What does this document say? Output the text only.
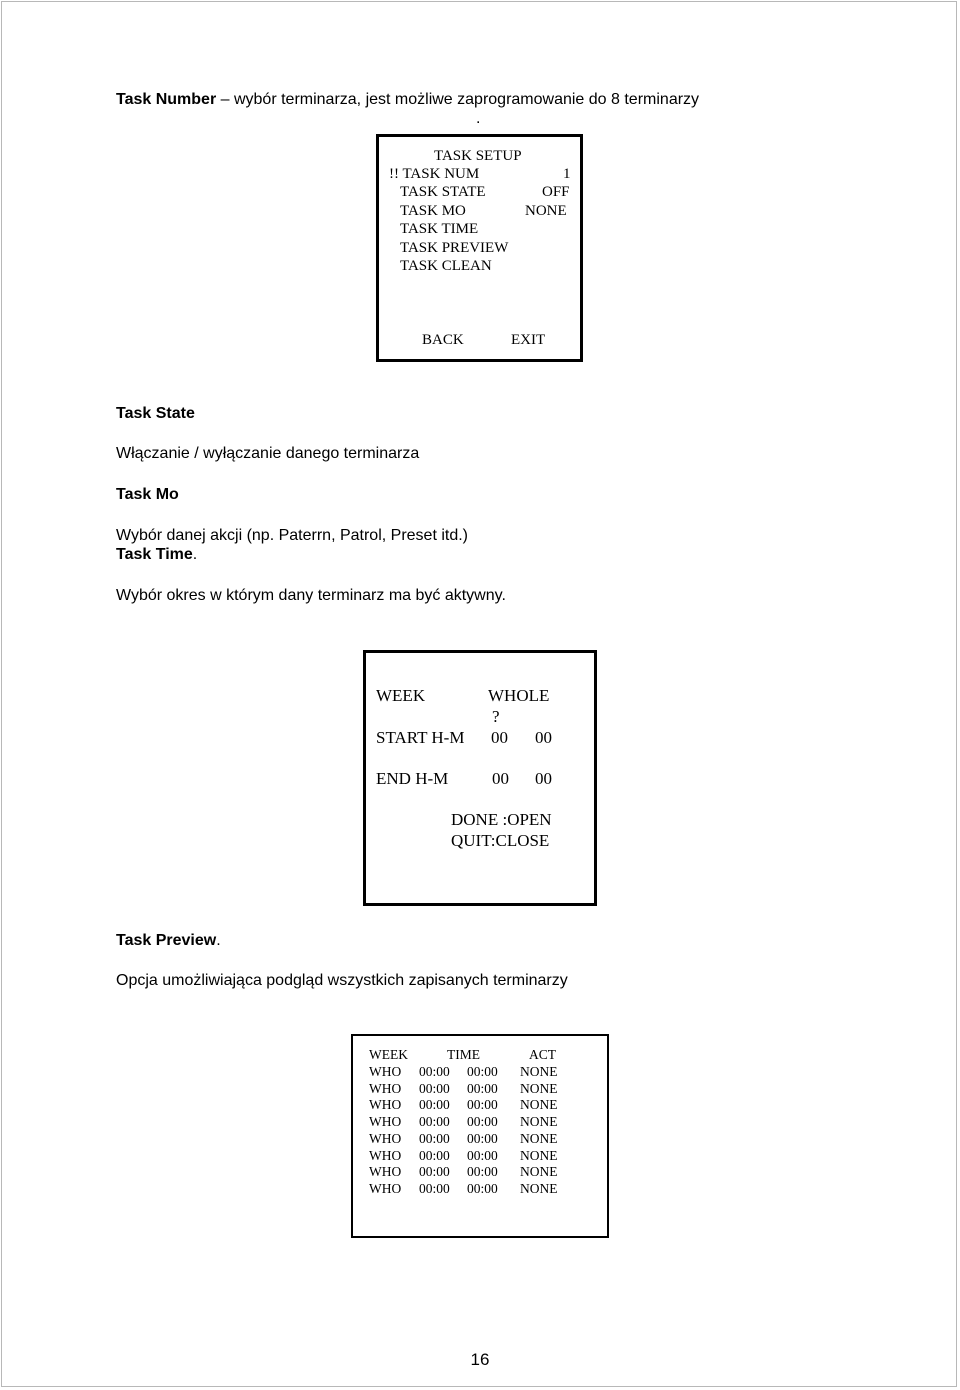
Task Number – wybór terminarza, jest możliwe zaprogramowanie do 8 terminarzy
.
TASK SETUP
!! TASK NUM	1
TASK STATE	OFF
TASK MO	NONE
TASK TIME
TASK PREVIEW
TASK CLEAN
BACK	EXIT
Task State
Włączanie / wyłączanie danego terminarza
Task Mo
Wybór danej akcji (np. Paterrn, Patrol, Preset itd.)
Task Time.
Wybór okres w którym dany terminarz ma być aktywny.
WEEK	WHOLE
?
START H-M 00 00
END H-M	00 00
DONE :OPEN
QUIT:CLOSE
Task Preview.
Opcja umożliwiająca podgląd wszystkich zapisanych terminarzy
WEEK	TIME	ACT
WHO 00:00 00:00 NONE
WHO 00:00 00:00 NONE
WHO 00:00 00:00 NONE
WHO 00:00 00:00 NONE
WHO 00:00 00:00 NONE
WHO 00:00 00:00 NONE
WHO 00:00 00:00 NONE
WHO 00:00 00:00 NONE
16
